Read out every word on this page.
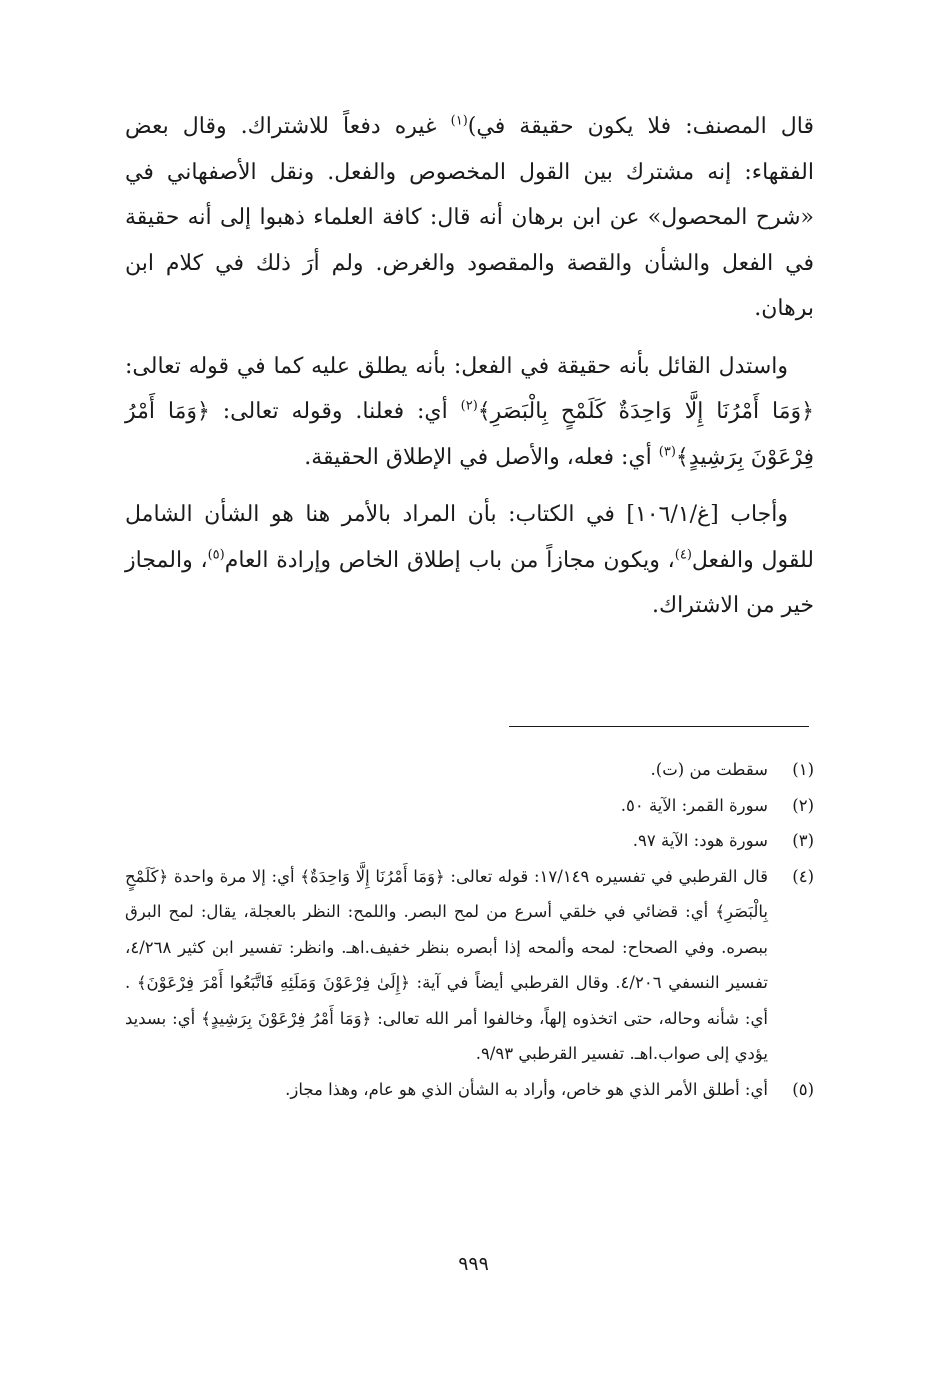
قال المصنف: فلا يكون حقيقة في)$^{(١)}$ غيره دفعاً للاشتراك. وقال بعض الفقهاء: إنه مشترك بين القول المخصوص والفعل. ونقل الأصفهاني في «شرح المحصول» عن ابن برهان أنه قال: كافة العلماء ذهبوا إلى أنه حقيقة في الفعل والشأن والقصة والمقصود والغرض. ولم أرَ ذلك في كلام ابن برهان.

واستدل القائل بأنه حقيقة في الفعل: بأنه يطلق عليه كما في قوله تعالى: ﴿وَمَا أَمْرُنَا إِلَّا وَاحِدَةٌ كَلَمْحٍ بِالْبَصَرِ﴾$^{(٢)}$ أي: فعلنا. وقوله تعالى: ﴿وَمَا أَمْرُ فِرْعَوْنَ بِرَشِيدٍ﴾$^{(٣)}$ أي: فعله، والأصل في الإطلاق الحقيقة.

وأجاب [غ/١٠٦/١] في الكتاب: بأن المراد بالأمر هنا هو الشأن الشامل للقول والفعل$^{(٤)}$، ويكون مجازاً من باب إطلاق الخاص وإرادة العام$^{(٥)}$، والمجاز خير من الاشتراك.

(١)
سقطت من (ت).
(٢)
سورة القمر: الآية ٥٠.
(٣)
سورة هود: الآية ٩٧.
(٤)
قال القرطبي في تفسيره ١٧/١٤٩: قوله تعالى: ﴿وَمَا أَمْرُنَا إِلَّا وَاحِدَةٌ﴾ أي: إلا مرة واحدة ﴿كَلَمْحٍ بِالْبَصَرِ﴾ أي: قضائي في خلقي أسرع من لمح البصر. واللمح: النظر بالعجلة، يقال: لمح البرق ببصره. وفي الصحاح: لمحه وألمحه إذا أبصره بنظر خفيف.اهـ. وانظر: تفسير ابن كثير ٤/٢٦٨، تفسير النسفي ٤/٢٠٦. وقال القرطبي أيضاً في آية: ﴿إِلَىٰ فِرْعَوْنَ وَمَلَئِهِ فَاتَّبَعُوا أَمْرَ فِرْعَوْنَ﴾ . أي: شأنه وحاله، حتى اتخذوه إلهاً، وخالفوا أمر الله تعالى: ﴿وَمَا أَمْرُ فِرْعَوْنَ بِرَشِيدٍ﴾ أي: بسديد يؤدي إلى صواب.اهـ. تفسير القرطبي ٩/٩٣.
(٥)
أي: أطلق الأمر الذي هو خاص، وأراد به الشأن الذي هو عام، وهذا مجاز.
٩٩٩
